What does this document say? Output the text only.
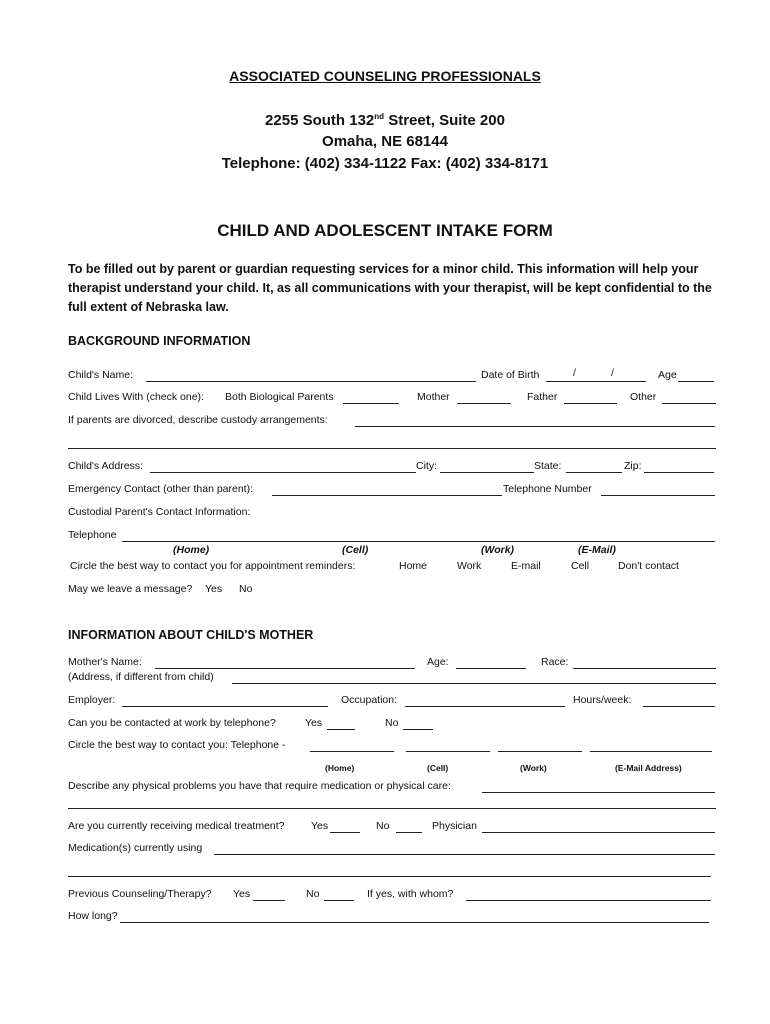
ASSOCIATED COUNSELING PROFESSIONALS
2255 South 132nd Street, Suite 200
Omaha, NE 68144
Telephone: (402) 334-1122 Fax: (402) 334-8171
CHILD AND ADOLESCENT INTAKE FORM
To be filled out by parent or guardian requesting services for a minor child. This information will help your therapist understand your child. It, as all communications with your therapist, will be kept confidential to the full extent of Nebraska law.
BACKGROUND INFORMATION
Child's Name:	Date of Birth	/	/	Age
Child Lives With (check one): Both Biological Parents	Mother	Father	Other
If parents are divorced, describe custody arrangements:
Child's Address:	City:	State:	Zip:
Emergency Contact (other than parent):	Telephone Number
Custodial Parent's Contact Information:
Telephone
(Home)	(Cell)	(Work)	(E-Mail)
Circle the best way to contact you for appointment reminders:	Home	Work	E-mail	Cell	Don't contact
May we leave a message? Yes No
INFORMATION ABOUT CHILD'S MOTHER
Mother's Name:	Age:	Race:
(Address, if different from child)
Employer:	Occupation:	Hours/week:
Can you be contacted at work by telephone?	Yes	No
Circle the best way to contact you: Telephone -
(Home)	(Cell)	(Work)	(E-Mail Address)
Describe any physical problems you have that require medication or physical care:
Are you currently receiving medical treatment?	Yes	No	Physician
Medication(s) currently using
Previous Counseling/Therapy? Yes	No	If yes, with whom?
How long?
